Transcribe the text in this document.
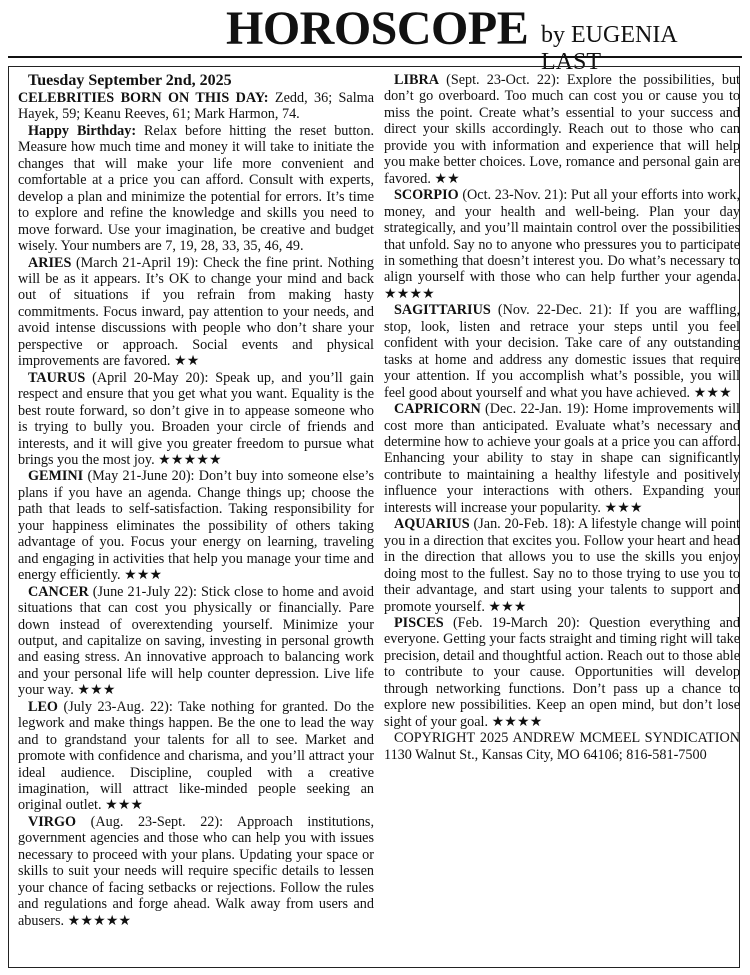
HOROSCOPE by EUGENIA LAST

Tuesday September 2nd, 2025

CELEBRITIES BORN ON THIS DAY: Zedd, 36; Salma Hayek, 59; Keanu Reeves, 61; Mark Harmon, 74.

Happy Birthday: Relax before hitting the reset button. Measure how much time and money it will take to initiate the changes that will make your life more convenient and comfortable at a price you can afford. Consult with experts, develop a plan and minimize the potential for errors. It’s time to explore and refine the knowledge and skills you need to move forward. Use your imagination, be creative and budget wisely. Your numbers are 7, 19, 28, 33, 35, 46, 49.

ARIES (March 21-April 19): Check the fine print. Nothing will be as it appears. It’s OK to change your mind and back out of situations if you refrain from making hasty commitments. Focus inward, pay attention to your needs, and avoid intense discussions with people who don’t share your perspective or approach. Social events and physical improvements are favored. ★★

TAURUS (April 20-May 20): Speak up, and you’ll gain respect and ensure that you get what you want. Equality is the best route forward, so don’t give in to appease someone who is trying to bully you. Broaden your circle of friends and interests, and it will give you greater freedom to pursue what brings you the most joy. ★★★★★

GEMINI (May 21-June 20): Don’t buy into someone else’s plans if you have an agenda. Change things up; choose the path that leads to self-satisfaction. Taking responsibility for your happiness eliminates the possibility of others taking advantage of you. Focus your energy on learning, traveling and engaging in activities that help you manage your time and energy efficiently. ★★★

CANCER (June 21-July 22): Stick close to home and avoid situations that can cost you physically or financially. Pare down instead of overextending yourself. Minimize your output, and capitalize on saving, investing in personal growth and easing stress. An innovative approach to balancing work and your personal life will help counter depression. Live life your way. ★★★

LEO (July 23-Aug. 22): Take nothing for granted. Do the legwork and make things happen. Be the one to lead the way and to grandstand your talents for all to see. Market and promote with confidence and charisma, and you’ll attract your ideal audience. Discipline, coupled with a creative imagination, will attract like-minded people seeking an original outlet. ★★★

VIRGO (Aug. 23-Sept. 22): Approach institutions, government agencies and those who can help you with issues necessary to proceed with your plans. Updating your space or skills to suit your needs will require specific details to lessen your chance of facing setbacks or rejections. Follow the rules and regulations and forge ahead. Walk away from users and abusers. ★★★★★

LIBRA (Sept. 23-Oct. 22): Explore the possibilities, but don’t go overboard. Too much can cost you or cause you to miss the point. Create what’s essential to your success and direct your skills accordingly. Reach out to those who can provide you with information and experience that will help you make better choices. Love, romance and personal gain are favored. ★★

SCORPIO (Oct. 23-Nov. 21): Put all your efforts into work, money, and your health and well-being. Plan your day strategically, and you’ll maintain control over the possibilities that unfold. Say no to anyone who pressures you to participate in something that doesn’t interest you. Do what’s necessary to align yourself with those who can help further your agenda. ★★★★

SAGITTARIUS (Nov. 22-Dec. 21): If you are waffling, stop, look, listen and retrace your steps until you feel confident with your decision. Take care of any outstanding tasks at home and address any domestic issues that require your attention. If you accomplish what’s possible, you will feel good about yourself and what you have achieved. ★★★

CAPRICORN (Dec. 22-Jan. 19): Home improvements will cost more than anticipated. Evaluate what’s necessary and determine how to achieve your goals at a price you can afford. Enhancing your ability to stay in shape can significantly contribute to maintaining a healthy lifestyle and positively influence your interactions with others. Expanding your interests will increase your popularity. ★★★

AQUARIUS (Jan. 20-Feb. 18): A lifestyle change will point you in a direction that excites you. Follow your heart and head in the direction that allows you to use the skills you enjoy doing most to the fullest. Say no to those trying to use you to their advantage, and start using your talents to support and promote yourself. ★★★

PISCES (Feb. 19-March 20): Question everything and everyone. Getting your facts straight and timing right will take precision, detail and thoughtful action. Reach out to those able to contribute to your cause. Opportunities will develop through networking functions. Don’t pass up a chance to explore new possibilities. Keep an open mind, but don’t lose sight of your goal. ★★★★

COPYRIGHT 2025 ANDREW MCMEEL SYNDICATION 1130 Walnut St., Kansas City, MO 64106; 816-581-7500
